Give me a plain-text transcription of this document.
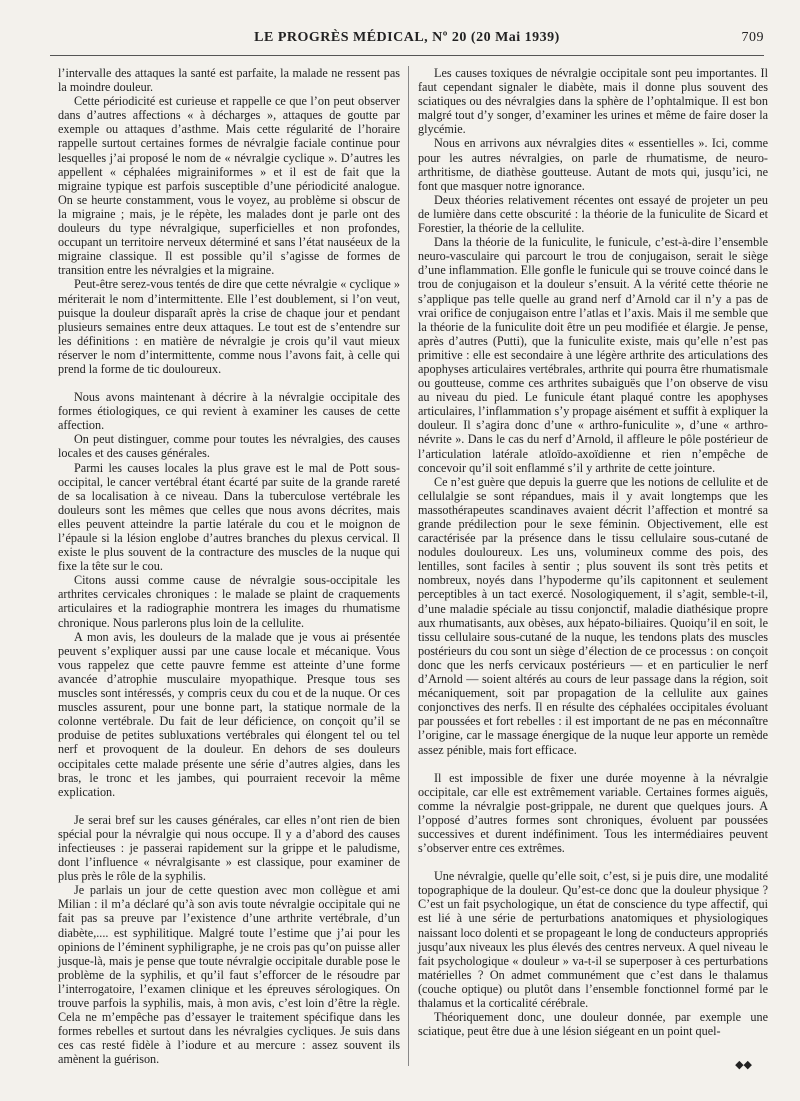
LE PROGRÈS MÉDICAL, Nº 20 (20 Mai 1939)	709

l’intervalle des attaques la santé est parfaite, la malade ne ressent pas la moindre douleur.

Cette périodicité est curieuse et rappelle ce que l’on peut observer dans d’autres affections « à décharges », attaques de goutte par exemple ou attaques d’asthme. Mais cette régularité de l’horaire rappelle surtout certaines formes de névralgie faciale continue pour lesquelles j’ai proposé le nom de « névralgie cyclique ». D’autres les appellent « céphalées migrainiformes » et il est de fait que la migraine typique est parfois susceptible d’une périodicité analogue. On se heurte constamment, vous le voyez, au problème si obscur de la migraine ; mais, je le répète, les malades dont je parle ont des douleurs du type névralgique, superficielles et non profondes, occupant un territoire nerveux déterminé et sans l’état nauséeux de la migraine classique. Il est possible qu’il s’agisse de formes de transition entre les névralgies et la migraine.

Peut-être serez-vous tentés de dire que cette névralgie « cyclique » mériterait le nom d’intermittente. Elle l’est doublement, si l’on veut, puisque la douleur disparaît après la crise de chaque jour et pendant plusieurs semaines entre deux attaques. Le tout est de s’entendre sur les définitions : en matière de névralgie je crois qu’il vaut mieux réserver le nom d’intermittente, comme nous l’avons fait, à celle qui prend la forme de tic douloureux.

Nous avons maintenant à décrire à la névralgie occipitale des formes étiologiques, ce qui revient à examiner les causes de cette affection.

On peut distinguer, comme pour toutes les névralgies, des causes locales et des causes générales.

Parmi les causes locales la plus grave est le mal de Pott sous-occipital, le cancer vertébral étant écarté par suite de la grande rareté de sa localisation à ce niveau. Dans la tuberculose vertébrale les douleurs sont les mêmes que celles que nous avons décrites, mais elles peuvent atteindre la partie latérale du cou et le moignon de l’épaule si la lésion englobe d’autres branches du plexus cervical. Il existe le plus souvent de la contracture des muscles de la nuque qui fixe la tête sur le cou.

Citons aussi comme cause de névralgie sous-occipitale les arthrites cervicales chroniques : le malade se plaint de craquements articulaires et la radiographie montrera les images du rhumatisme chronique. Nous parlerons plus loin de la cellulite.

A mon avis, les douleurs de la malade que je vous ai présentée peuvent s’expliquer aussi par une cause locale et mécanique. Vous vous rappelez que cette pauvre femme est atteinte d’une forme avancée d’atrophie musculaire myopathique. Presque tous ses muscles sont intéressés, y compris ceux du cou et de la nuque. Or ces muscles assurent, pour une bonne part, la statique normale de la colonne vertébrale. Du fait de leur déficience, on conçoit qu’il se produise de petites subluxations vertébrales qui élongent tel ou tel nerf et provoquent de la douleur. En dehors de ses douleurs occipitales cette malade présente une série d’autres algies, dans les bras, le tronc et les jambes, qui pourraient recevoir la même explication.

Je serai bref sur les causes générales, car elles n’ont rien de bien spécial pour la névralgie qui nous occupe. Il y a d’abord des causes infectieuses : je passerai rapidement sur la grippe et le paludisme, dont l’influence « névralgisante » est classique, pour examiner de plus près le rôle de la syphilis.

Je parlais un jour de cette question avec mon collègue et ami Milian : il m’a déclaré qu’à son avis toute névralgie occipitale qui ne fait pas sa preuve par l’existence d’une arthrite vertébrale, d’un diabète,.... est syphilitique. Malgré toute l’estime que j’ai pour les opinions de l’éminent syphiligraphe, je ne crois pas qu’on puisse aller jusque-là, mais je pense que toute névralgie occipitale durable pose le problème de la syphilis, et qu’il faut s’efforcer de le résoudre par l’interrogatoire, l’examen clinique et les épreuves sérologiques. On trouve parfois la syphilis, mais, à mon avis, c’est loin d’être la règle. Cela ne m’empêche pas d’essayer le traitement spécifique dans les formes rebelles et surtout dans les névralgies cycliques. Je suis dans ces cas resté fidèle à l’iodure et au mercure : assez souvent ils amènent la guérison.

Les causes toxiques de névralgie occipitale sont peu importantes. Il faut cependant signaler le diabète, mais il donne plus souvent des sciatiques ou des névralgies dans la sphère de l’ophtalmique. Il est bon malgré tout d’y songer, d’examiner les urines et même de faire doser la glycémie.

Nous en arrivons aux névralgies dites « essentielles ». Ici, comme pour les autres névralgies, on parle de rhumatisme, de neuro-arthritisme, de diathèse goutteuse. Autant de mots qui, jusqu’ici, ne font que masquer notre ignorance.

Deux théories relativement récentes ont essayé de projeter un peu de lumière dans cette obscurité : la théorie de la funiculite de Sicard et Forestier, la théorie de la cellulite.

Dans la théorie de la funiculite, le funicule, c’est-à-dire l’ensemble neuro-vasculaire qui parcourt le trou de conjugaison, serait le siège d’une inflammation. Elle gonfle le funicule qui se trouve coincé dans le trou de conjugaison et la douleur s’ensuit. A la vérité cette théorie ne s’applique pas telle quelle au grand nerf d’Arnold car il n’y a pas de vrai orifice de conjugaison entre l’atlas et l’axis. Mais il me semble que la théorie de la funiculite doit être un peu modifiée et élargie. Je pense, après d’autres (Putti), que la funiculite existe, mais qu’elle n’est pas primitive : elle est secondaire à une légère arthrite des articulations des apophyses articulaires vertébrales, arthrite qui pourra être rhumatismale ou goutteuse, comme ces arthrites subaiguës que l’on observe de visu au niveau du pied. Le funicule étant plaqué contre les apophyses articulaires, l’inflammation s’y propage aisément et suffit à expliquer la douleur. Il s’agira donc d’une « arthro-funiculite », d’une « arthro-névrite ». Dans le cas du nerf d’Arnold, il affleure le pôle postérieur de l’articulation latérale atloïdo-axoïdienne et rien n’empêche de concevoir qu’il soit enflammé s’il y arthrite de cette jointure.

Ce n’est guère que depuis la guerre que les notions de cellulite et de cellulalgie se sont répandues, mais il y avait longtemps que les massothérapeutes scandinaves avaient décrit l’affection et montré sa grande prédilection pour le sexe féminin. Objectivement, elle est caractérisée par la présence dans le tissu cellulaire sous-cutané de nodules douloureux. Les uns, volumineux comme des pois, des lentilles, sont faciles à sentir ; plus souvent ils sont très petits et nombreux, noyés dans l’hypoderme qu’ils capitonnent et seulement perceptibles à un tact exercé. Nosologiquement, il s’agit, semble-t-il, d’une maladie spéciale au tissu conjonctif, maladie diathésique propre aux rhumatisants, aux obèses, aux hépato-biliaires. Quoiqu’il en soit, le tissu cellulaire sous-cutané de la nuque, les tendons plats des muscles postérieurs du cou sont un siège d’élection de ce processus : on conçoit donc que les nerfs cervicaux postérieurs — et en particulier le nerf d’Arnold — soient altérés au cours de leur passage dans la région, soit mécaniquement, soit par propagation de la cellulite aux gaines conjonctives des nerfs. Il en résulte des céphalées occipitales évoluant par poussées et fort rebelles : il est important de ne pas en méconnaître l’origine, car le massage énergique de la nuque leur apporte un remède assez pénible, mais fort efficace.

Il est impossible de fixer une durée moyenne à la névralgie occipitale, car elle est extrêmement variable. Certaines formes aiguës, comme la névralgie post-grippale, ne durent que quelques jours. A l’opposé d’autres formes sont chroniques, évoluent par poussées successives et durent indéfiniment. Tous les intermédiaires peuvent s’observer entre ces extrêmes.

Une névralgie, quelle qu’elle soit, c’est, si je puis dire, une modalité topographique de la douleur. Qu’est-ce donc que la douleur physique ? C’est un fait psychologique, un état de conscience du type affectif, qui est lié à une série de perturbations anatomiques et physiologiques naissant loco dolenti et se propageant le long de conducteurs appropriés jusqu’aux niveaux les plus élevés des centres nerveux. A quel niveau le fait psychologique « douleur » va-t-il se superposer à ces perturbations matérielles ? On admet communément que c’est dans le thalamus (couche optique) ou plutôt dans l’ensemble fonctionnel formé par le thalamus et la corticalité cérébrale.

Théoriquement donc, une douleur donnée, par exemple une sciatique, peut être due à une lésion siégeant en un point quel-

◆◆
